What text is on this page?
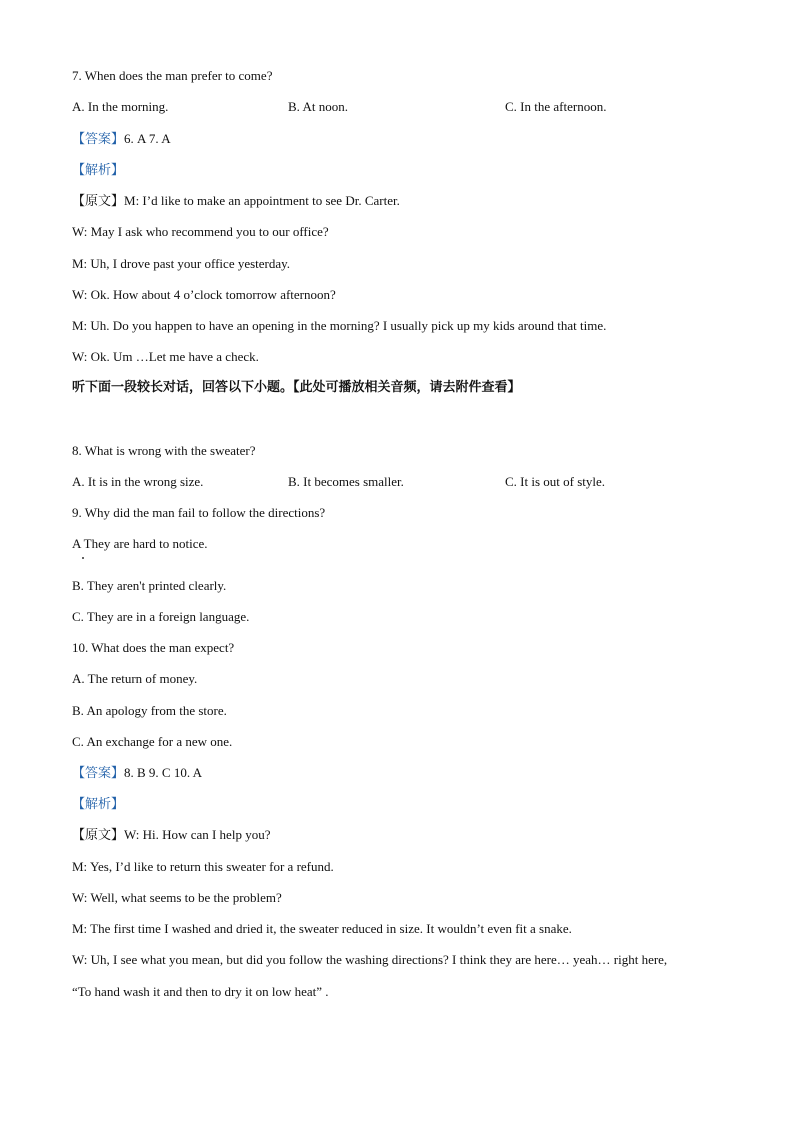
7. When does the man prefer to come?
A. In the morning.	B. At noon.	C. In the afternoon.
【答案】6. A 7. A
【解析】
【原文】M: I’d like to make an appointment to see Dr. Carter.
W: May I ask who recommend you to our office?
M: Uh, I drove past your office yesterday.
W: Ok. How about 4 o’clock tomorrow afternoon?
M: Uh. Do you happen to have an opening in the morning? I usually pick up my kids around that time.
W: Ok. Um …Let me have a check.
听下面一段较长对话，回答以下小题。【此处可播放相关音频，请去附件查看】
8. What is wrong with the sweater?
A. It is in the wrong size.	B. It becomes smaller.	C. It is out of style.
9. Why did the man fail to follow the directions?
A They are hard to notice.
B. They aren't printed clearly.
C. They are in a foreign language.
10. What does the man expect?
A. The return of money.
B. An apology from the store.
C. An exchange for a new one.
【答案】8. B 9. C 10. A
【解析】
【原文】W: Hi. How can I help you?
M: Yes, I’d like to return this sweater for a refund.
W: Well, what seems to be the problem?
M: The first time I washed and dried it, the sweater reduced in size. It wouldn’t even fit a snake.
W: Uh, I see what you mean, but did you follow the washing directions? I think they are here… yeah… right here,
“To hand wash it and then to dry it on low heat” .
